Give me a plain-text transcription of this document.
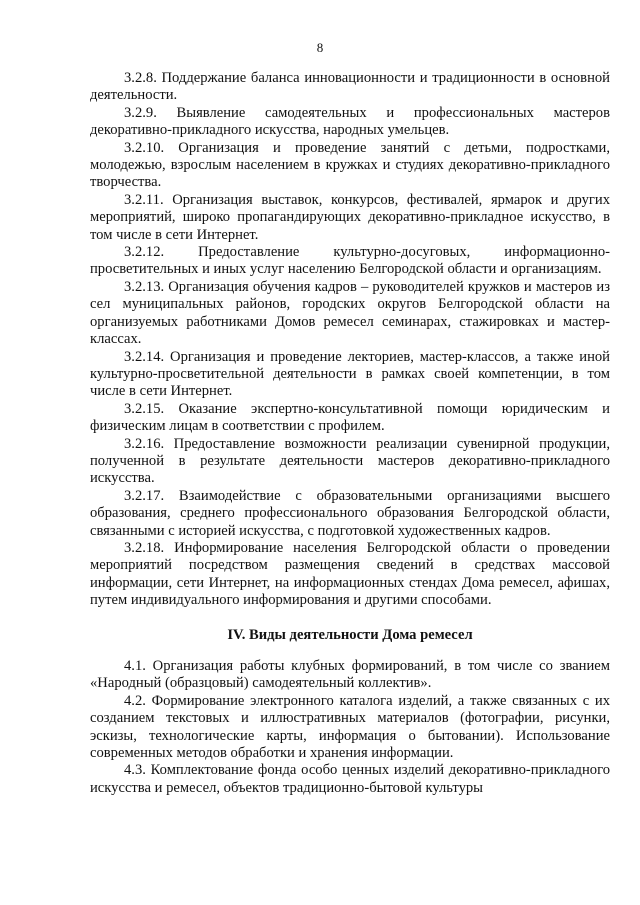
8

3.2.8. Поддержание баланса инновационности и традиционности в основной деятельности.

3.2.9. Выявление самодеятельных и профессиональных мастеров декоративно-прикладного искусства, народных умельцев.

3.2.10. Организация и проведение занятий с детьми, подростками, молодежью, взрослым населением в кружках и студиях декоративно-прикладного творчества.

3.2.11. Организация выставок, конкурсов, фестивалей, ярмарок и других мероприятий, широко пропагандирующих декоративно-прикладное искусство, в том числе в сети Интернет.

3.2.12. Предоставление культурно-досуговых, информационно-просветительных и иных услуг населению Белгородской области и организациям.

3.2.13. Организация обучения кадров – руководителей кружков и мастеров из сел муниципальных районов, городских округов Белгородской области на организуемых работниками Домов ремесел семинарах, стажировках и мастер-классах.

3.2.14. Организация и проведение лекториев, мастер-классов, а также иной культурно-просветительной деятельности в рамках своей компетенции, в том числе в сети Интернет.

3.2.15. Оказание экспертно-консультативной помощи юридическим и физическим лицам в соответствии с профилем.

3.2.16. Предоставление возможности реализации сувенирной продукции, полученной в результате деятельности мастеров декоративно-прикладного искусства.

3.2.17. Взаимодействие с образовательными организациями высшего образования, среднего профессионального образования Белгородской области, связанными с историей искусства, с подготовкой художественных кадров.

3.2.18. Информирование населения Белгородской области о проведении мероприятий посредством размещения сведений в средствах массовой информации, сети Интернет, на информационных стендах Дома ремесел, афишах, путем индивидуального информирования и другими способами.

IV. Виды деятельности Дома ремесел

4.1. Организация работы клубных формирований, в том числе со званием «Народный (образцовый) самодеятельный коллектив».

4.2. Формирование электронного каталога изделий, а также связанных с их созданием текстовых и иллюстративных материалов (фотографии, рисунки, эскизы, технологические карты, информация о бытовании). Использование современных методов обработки и хранения информации.

4.3. Комплектование фонда особо ценных изделий декоративно-прикладного искусства и ремесел, объектов традиционно-бытовой культуры
